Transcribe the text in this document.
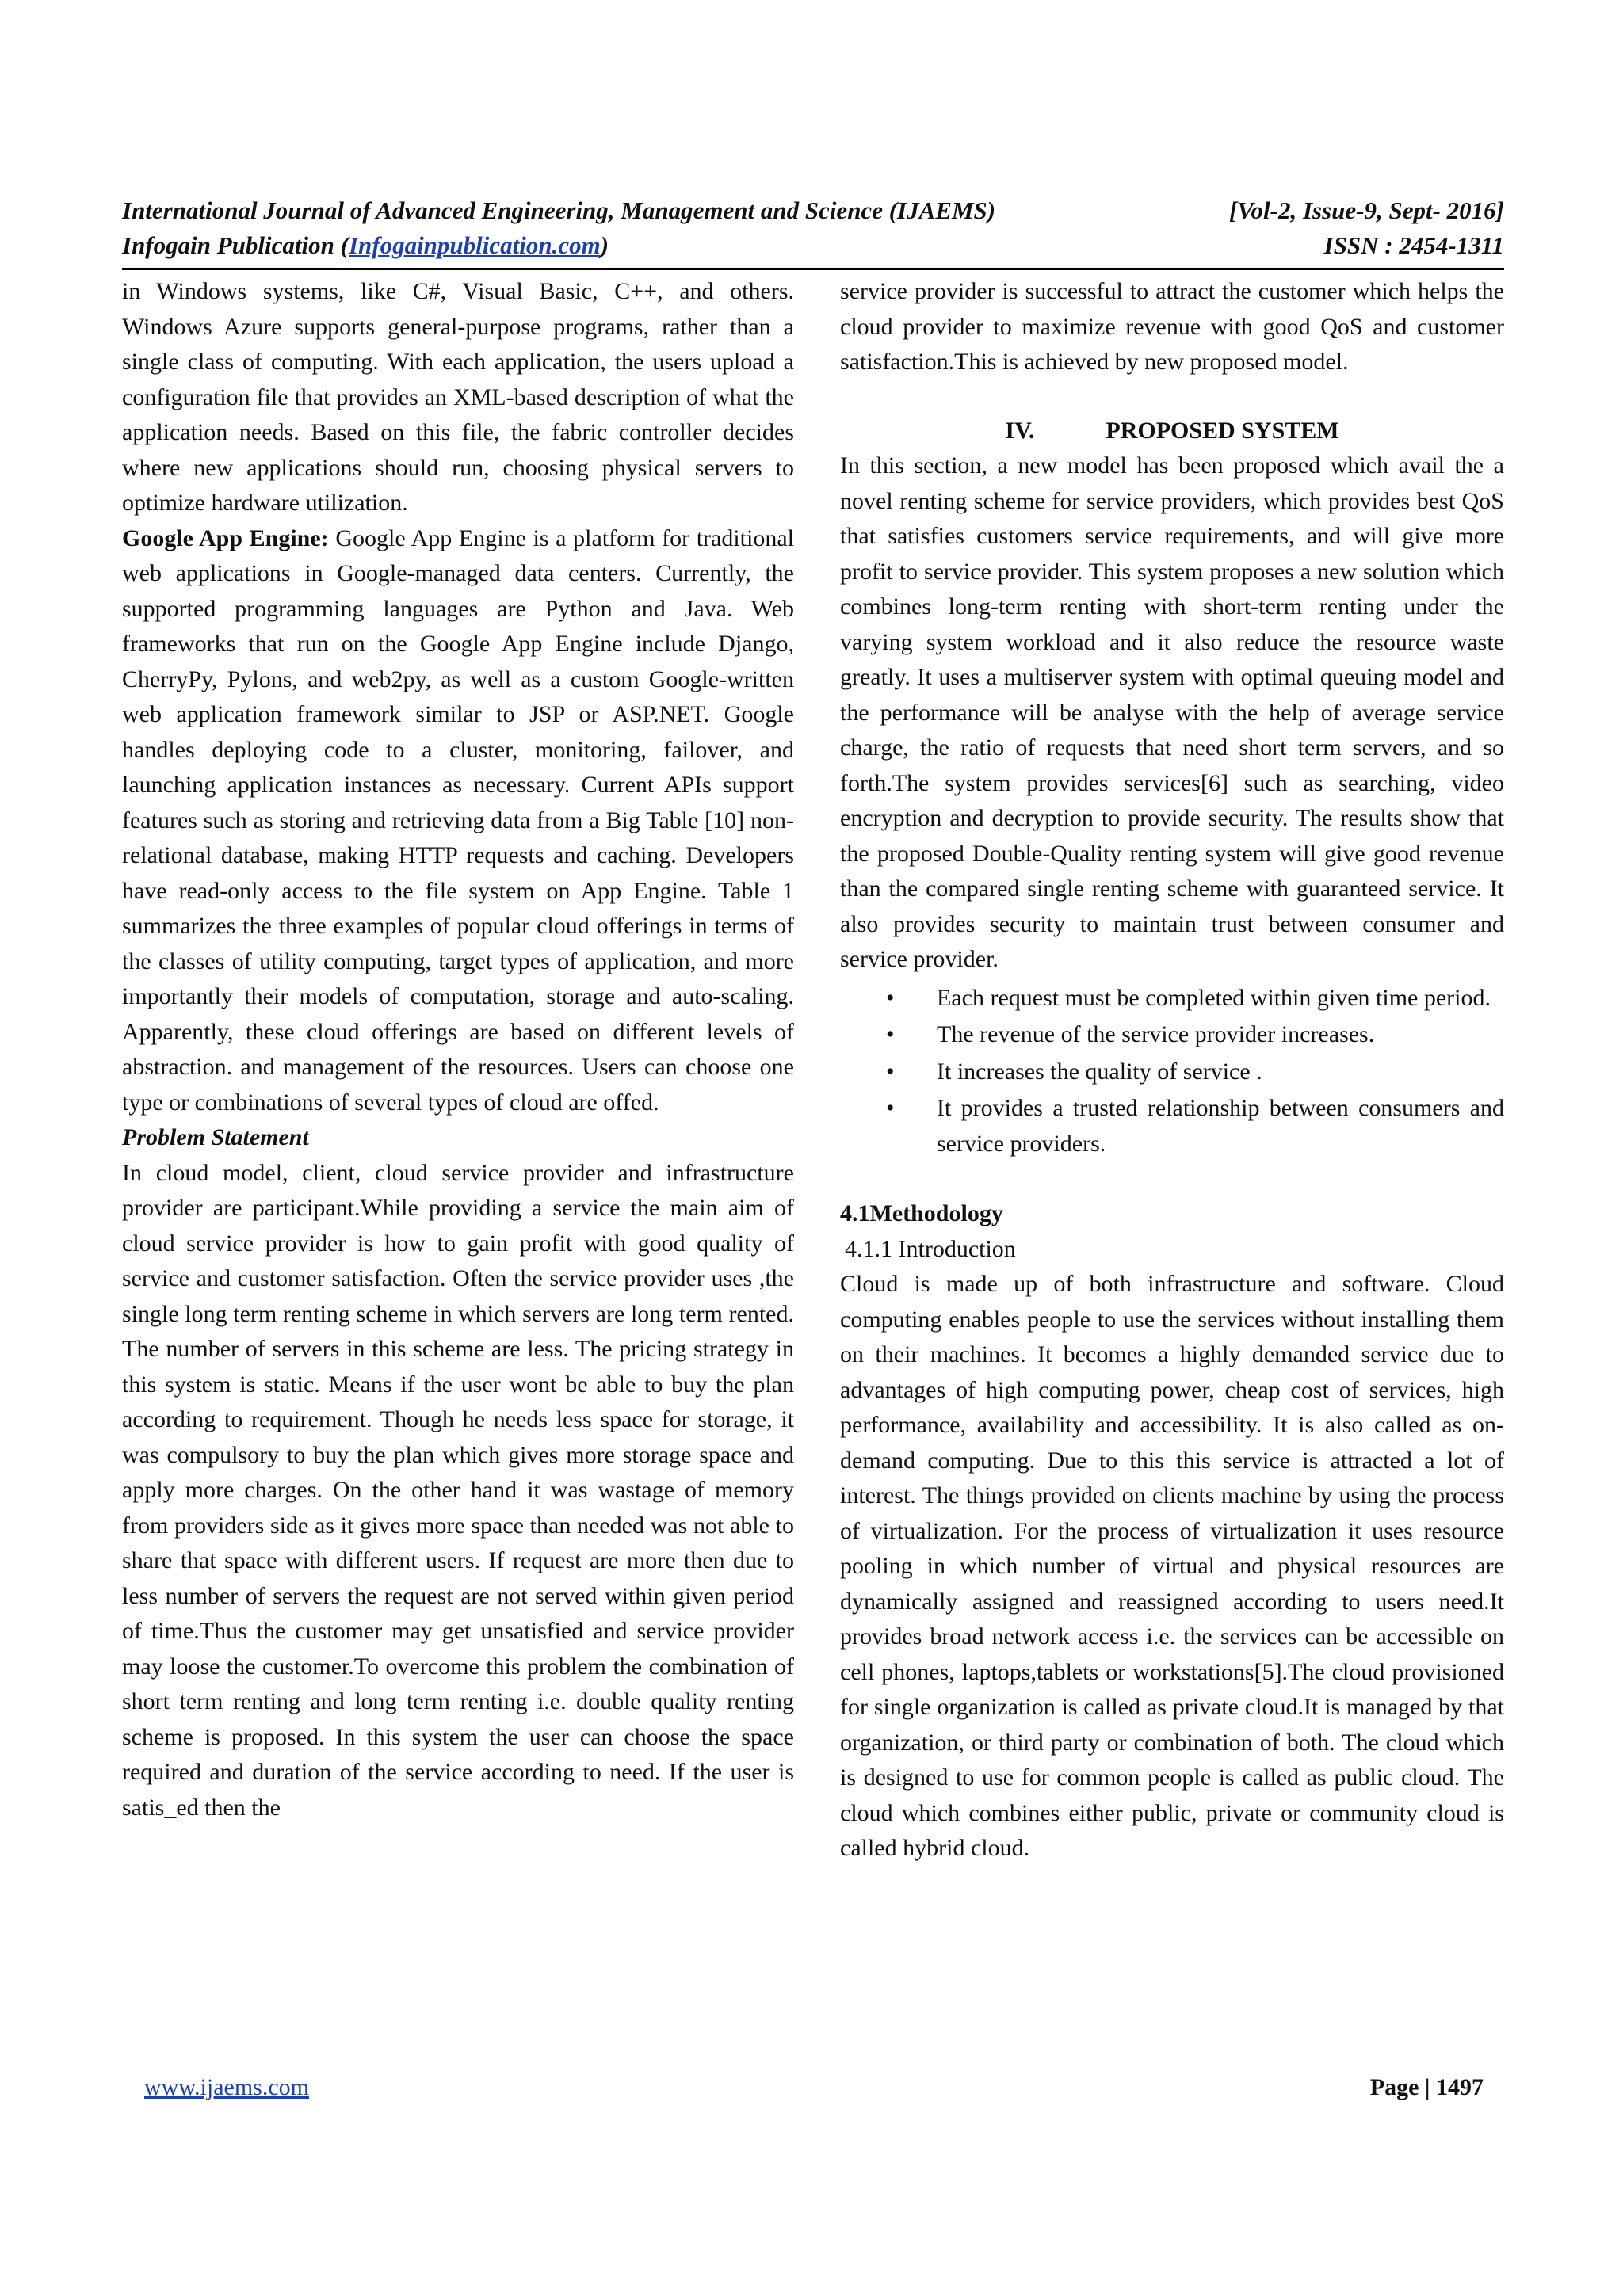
International Journal of Advanced Engineering, Management and Science (IJAEMS)	[Vol-2, Issue-9, Sept- 2016]
Infogain Publication (Infogainpublication.com)	ISSN : 2454-1311

in Windows systems, like C#, Visual Basic, C++, and others. Windows Azure supports general-purpose programs, rather than a single class of computing. With each application, the users upload a configuration file that provides an XML-based description of what the application needs. Based on this file, the fabric controller decides where new applications should run, choosing physical servers to optimize hardware utilization.

Google App Engine: Google App Engine is a platform for traditional web applications in Google-managed data centers. Currently, the supported programming languages are Python and Java. Web frameworks that run on the Google App Engine include Django, CherryPy, Pylons, and web2py, as well as a custom Google-written web application framework similar to JSP or ASP.NET. Google handles deploying code to a cluster, monitoring, failover, and launching application instances as necessary. Current APIs support features such as storing and retrieving data from a Big Table [10] non-relational database, making HTTP requests and caching. Developers have read-only access to the file system on App Engine. Table 1 summarizes the three examples of popular cloud offerings in terms of the classes of utility computing, target types of application, and more importantly their models of computation, storage and auto-scaling. Apparently, these cloud offerings are based on different levels of abstraction. and management of the resources. Users can choose one type or combinations of several types of cloud are offed.

Problem Statement

In cloud model, client, cloud service provider and infrastructure provider are participant.While providing a service the main aim of cloud service provider is how to gain profit with good quality of service and customer satisfaction. Often the service provider uses ,the single long term renting scheme in which servers are long term rented. The number of servers in this scheme are less. The pricing strategy in this system is static. Means if the user wont be able to buy the plan according to requirement. Though he needs less space for storage, it was compulsory to buy the plan which gives more storage space and apply more charges. On the other hand it was wastage of memory from providers side as it gives more space than needed was not able to share that space with different users. If request are more then due to less number of servers the request are not served within given period of time.Thus the customer may get unsatisfied and service provider may loose the customer.To overcome this problem the combination of short term renting and long term renting i.e. double quality renting scheme is proposed. In this system the user can choose the space required and duration of the service according to need. If the user is satis_ed then the

service provider is successful to attract the customer which helps the cloud provider to maximize revenue with good QoS and customer satisfaction.This is achieved by new proposed model.

IV.	PROPOSED SYSTEM

In this section, a new model has been proposed which avail the a novel renting scheme for service providers, which provides best QoS that satisfies customers service requirements, and will give more profit to service provider. This system proposes a new solution which combines long-term renting with short-term renting under the varying system workload and it also reduce the resource waste greatly. It uses a multiserver system with optimal queuing model and the performance will be analyse with the help of average service charge, the ratio of requests that need short term servers, and so forth.The system provides services[6] such as searching, video encryption and decryption to provide security. The results show that the proposed Double-Quality renting system will give good revenue than the compared single renting scheme with guaranteed service. It also provides security to maintain trust between consumer and service provider.

• Each request must be completed within given time period.
• The revenue of the service provider increases.
• It increases the quality of service .
• It provides a trusted relationship between consumers and service providers.

4.1Methodology

4.1.1 Introduction

Cloud is made up of both infrastructure and software. Cloud computing enables people to use the services without installing them on their machines. It becomes a highly demanded service due to advantages of high computing power, cheap cost of services, high performance, availability and accessibility. It is also called as on-demand computing. Due to this this service is attracted a lot of interest. The things provided on clients machine by using the process of virtualization. For the process of virtualization it uses resource pooling in which number of virtual and physical resources are dynamically assigned and reassigned according to users need.It provides broad network access i.e. the services can be accessible on cell phones, laptops,tablets or workstations[5].The cloud provisioned for single organization is called as private cloud.It is managed by that organization, or third party or combination of both. The cloud which is designed to use for common people is called as public cloud. The cloud which combines either public, private or community cloud is called hybrid cloud.

www.ijaems.com	Page | 1497
